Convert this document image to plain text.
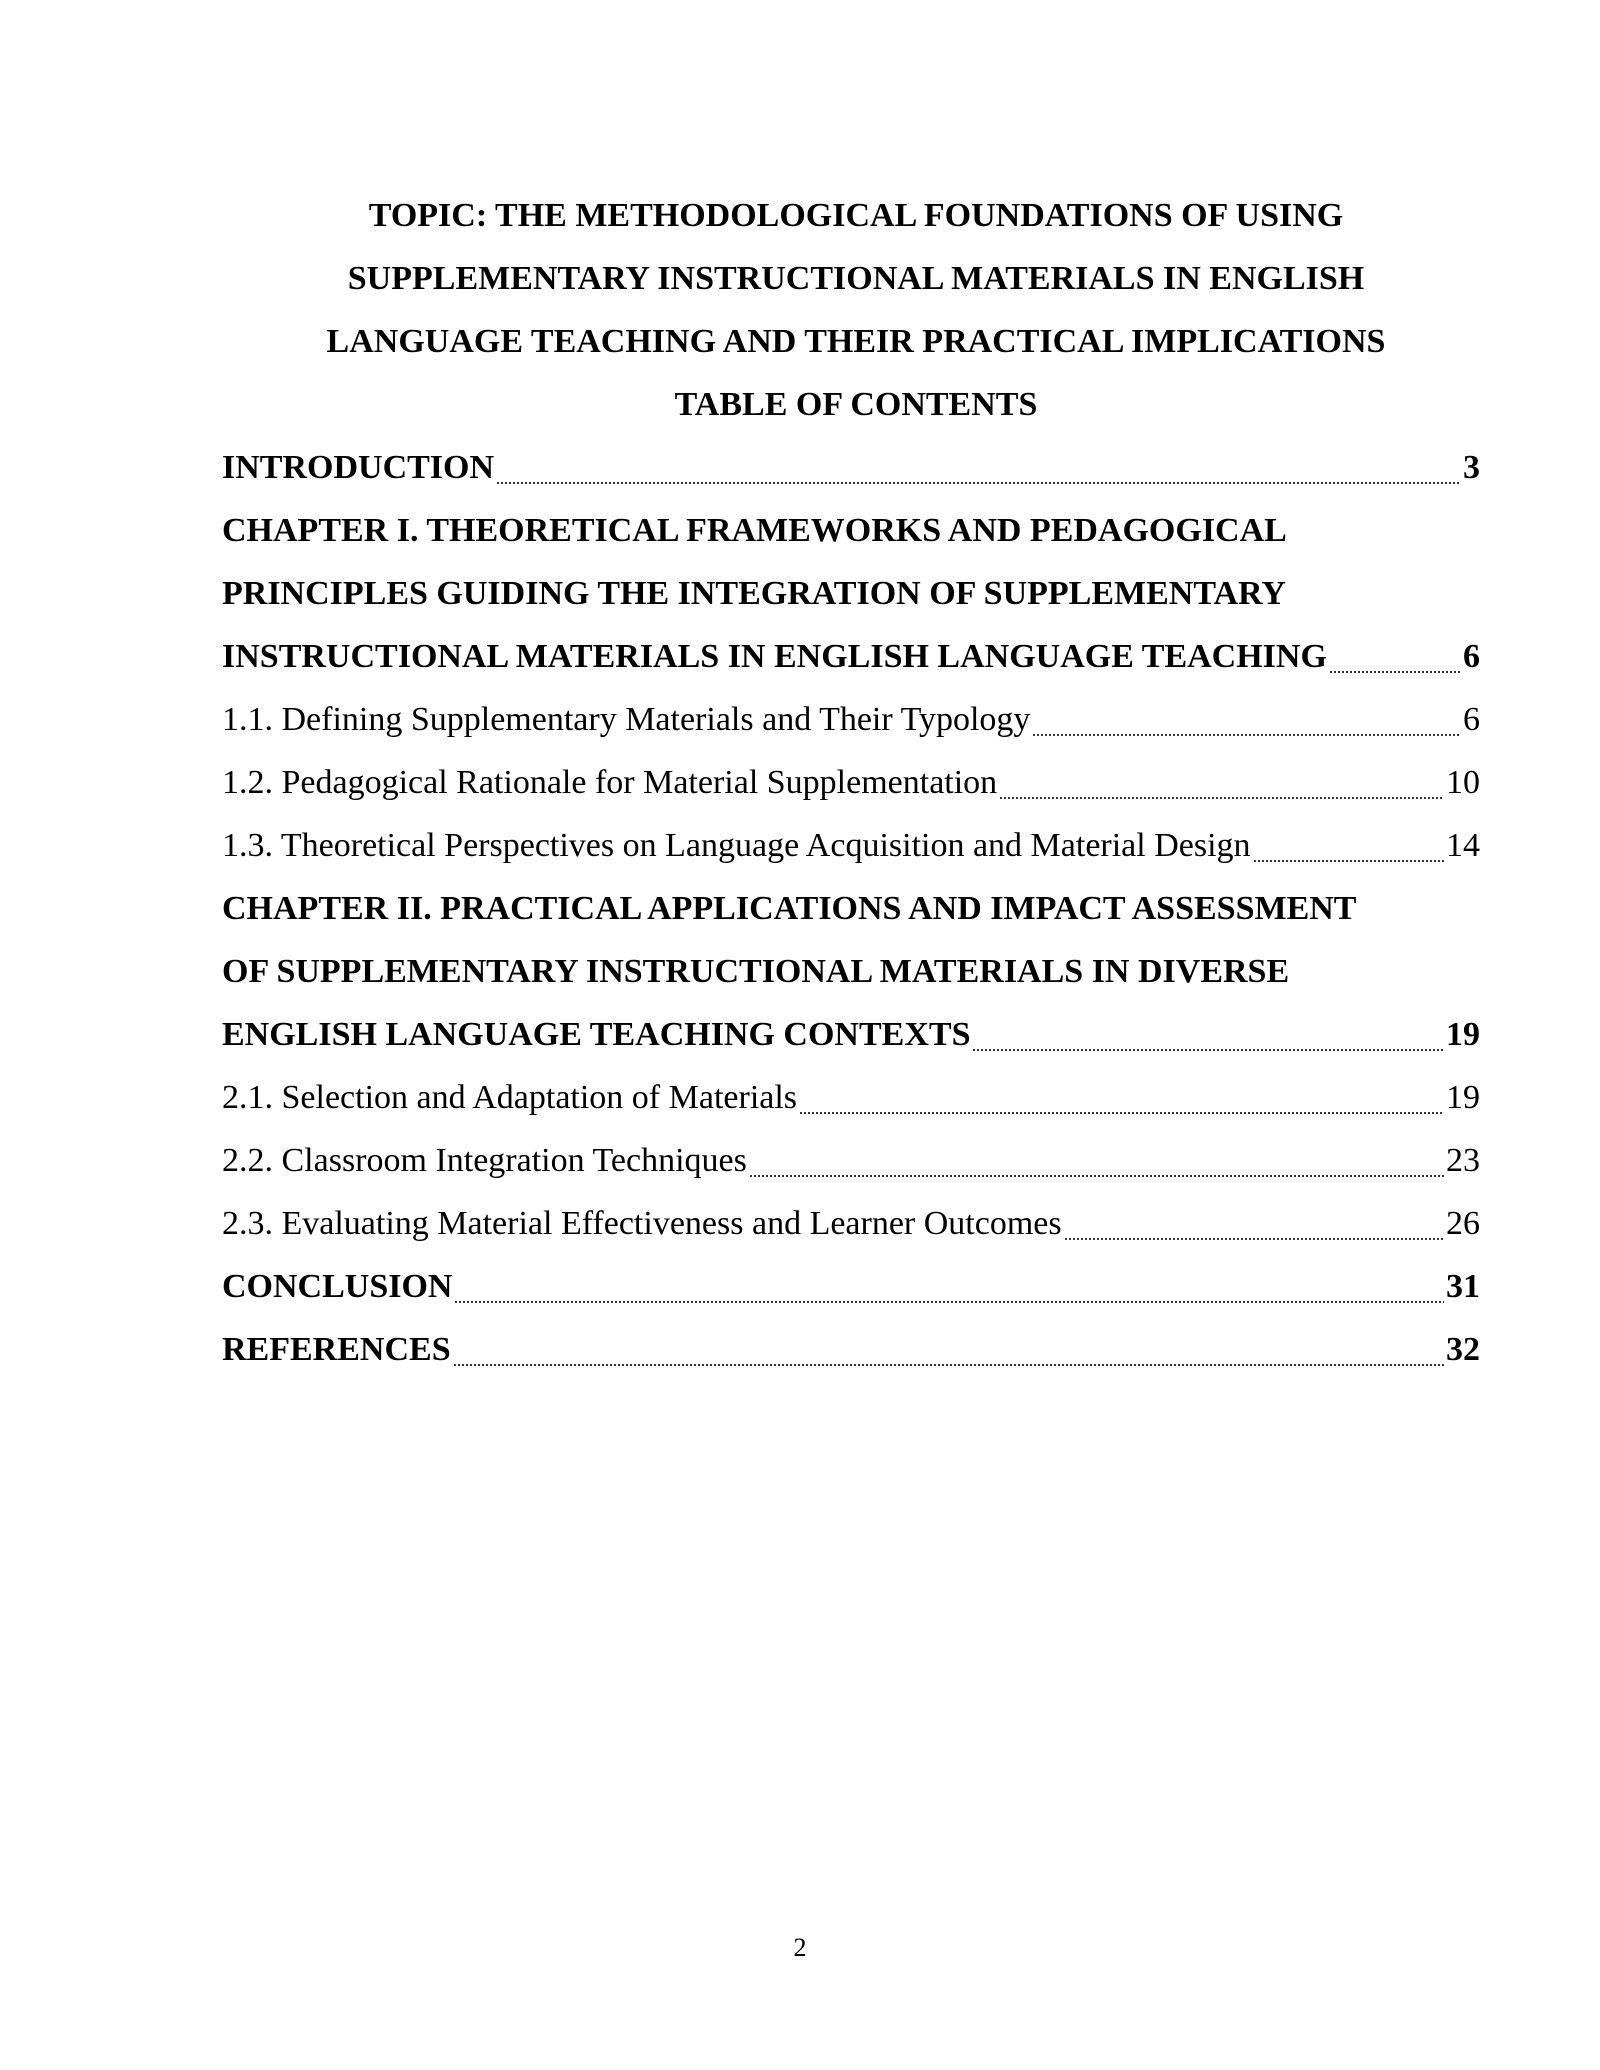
TOPIC: THE METHODOLOGICAL FOUNDATIONS OF USING
SUPPLEMENTARY INSTRUCTIONAL MATERIALS IN ENGLISH
LANGUAGE TEACHING AND THEIR PRACTICAL IMPLICATIONS
TABLE OF CONTENTS
INTRODUCTION	3
CHAPTER I. THEORETICAL FRAMEWORKS AND PEDAGOGICAL
PRINCIPLES GUIDING THE INTEGRATION OF SUPPLEMENTARY
INSTRUCTIONAL MATERIALS IN ENGLISH LANGUAGE TEACHING	6
1.1. Defining Supplementary Materials and Their Typology	6
1.2. Pedagogical Rationale for Material Supplementation	10
1.3. Theoretical Perspectives on Language Acquisition and Material Design	14
CHAPTER II. PRACTICAL APPLICATIONS AND IMPACT ASSESSMENT
OF SUPPLEMENTARY INSTRUCTIONAL MATERIALS IN DIVERSE
ENGLISH LANGUAGE TEACHING CONTEXTS	19
2.1. Selection and Adaptation of Materials	19
2.2. Classroom Integration Techniques	23
2.3. Evaluating Material Effectiveness and Learner Outcomes	26
CONCLUSION	31
REFERENCES	32
2
